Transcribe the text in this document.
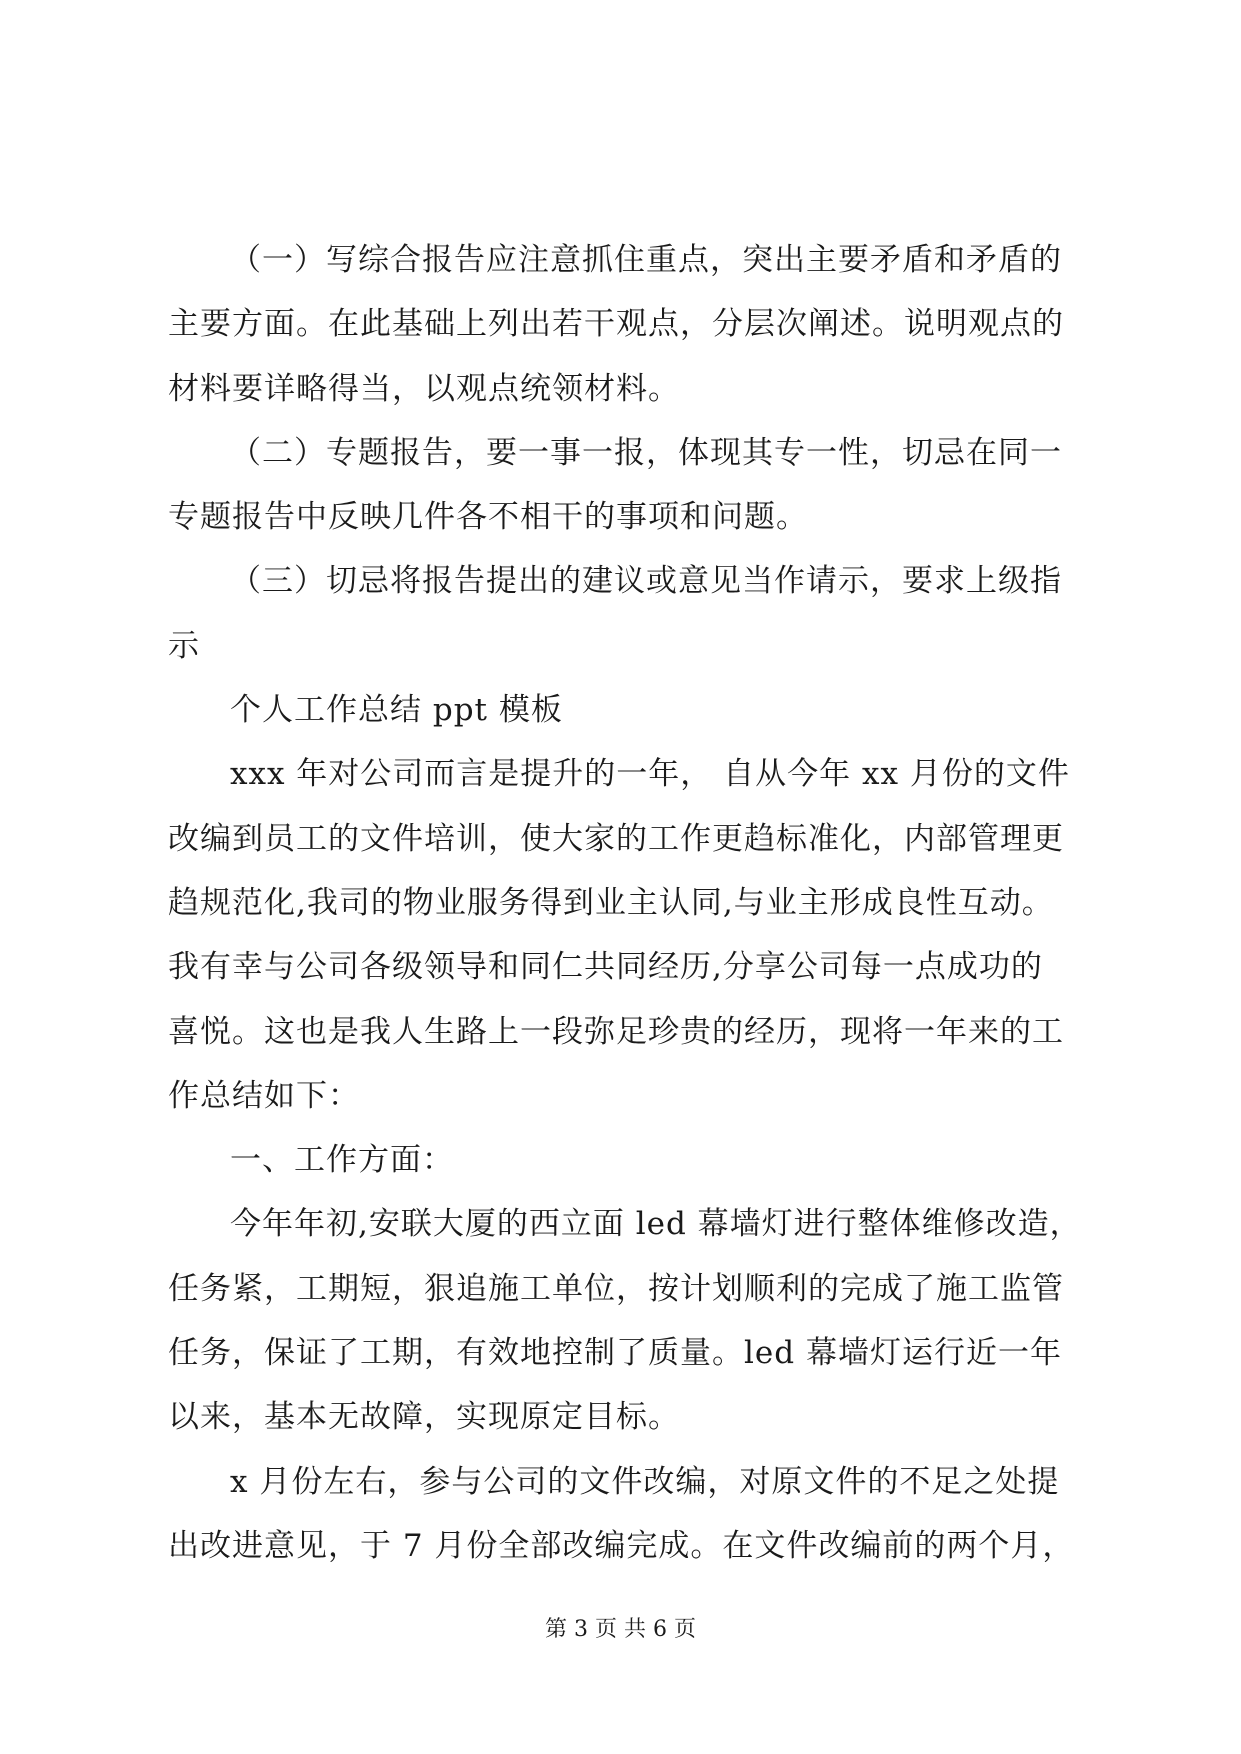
（一）写综合报告应注意抓住重点，突出主要矛盾和矛盾的
主要方面。在此基础上列出若干观点，分层次阐述。说明观点的
材料要详略得当，以观点统领材料。
（二）专题报告，要一事一报，体现其专一性，切忌在同一
专题报告中反映几件各不相干的事项和问题。
（三）切忌将报告提出的建议或意见当作请示，要求上级指
示
个人工作总结 ppt 模板
xxx 年对公司而言是提升的一年， 自从今年 xx 月份的文件
改编到员工的文件培训，使大家的工作更趋标准化，内部管理更
趋规范化,我司的物业服务得到业主认同,与业主形成良性互动。
我有幸与公司各级领导和同仁共同经历,分享公司每一点成功的
喜悦。这也是我人生路上一段弥足珍贵的经历，现将一年来的工
作总结如下：
一、工作方面：
今年年初,安联大厦的西立面 led 幕墙灯进行整体维修改造，
任务紧，工期短，狠追施工单位，按计划顺利的完成了施工监管
任务，保证了工期，有效地控制了质量。led 幕墙灯运行近一年
以来，基本无故障，实现原定目标。
x 月份左右，参与公司的文件改编，对原文件的不足之处提
出改进意见，于 7 月份全部改编完成。在文件改编前的两个月，
第 3 页 共 6 页
